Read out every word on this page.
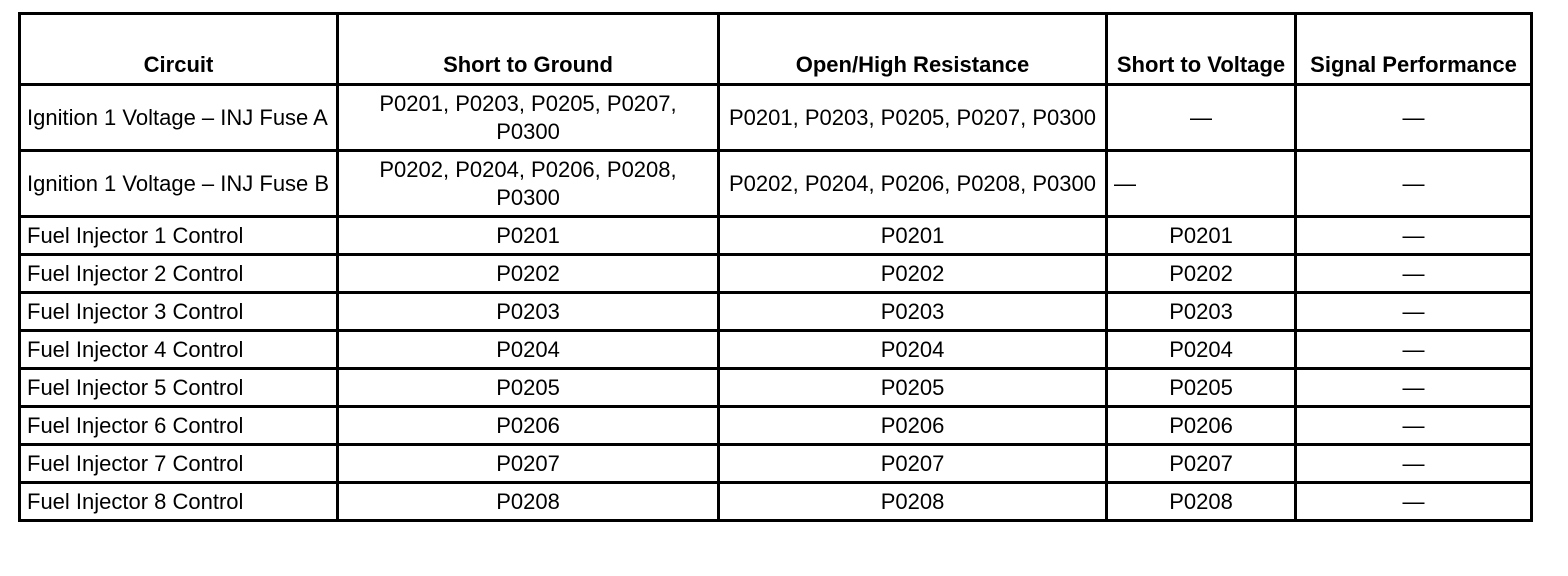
Circuit	Short to Ground	Open/High Resistance	Short to Voltage	Signal Performance
Ignition 1 Voltage – INJ Fuse A	P0201, P0203, P0205, P0207, P0300	P0201, P0203, P0205, P0207, P0300	—	—
Ignition 1 Voltage – INJ Fuse B	P0202, P0204, P0206, P0208, P0300	P0202, P0204, P0206, P0208, P0300	—	—
Fuel Injector 1 Control	P0201	P0201	P0201	—
Fuel Injector 2 Control	P0202	P0202	P0202	—
Fuel Injector 3 Control	P0203	P0203	P0203	—
Fuel Injector 4 Control	P0204	P0204	P0204	—
Fuel Injector 5 Control	P0205	P0205	P0205	—
Fuel Injector 6 Control	P0206	P0206	P0206	—
Fuel Injector 7 Control	P0207	P0207	P0207	—
Fuel Injector 8 Control	P0208	P0208	P0208	—
